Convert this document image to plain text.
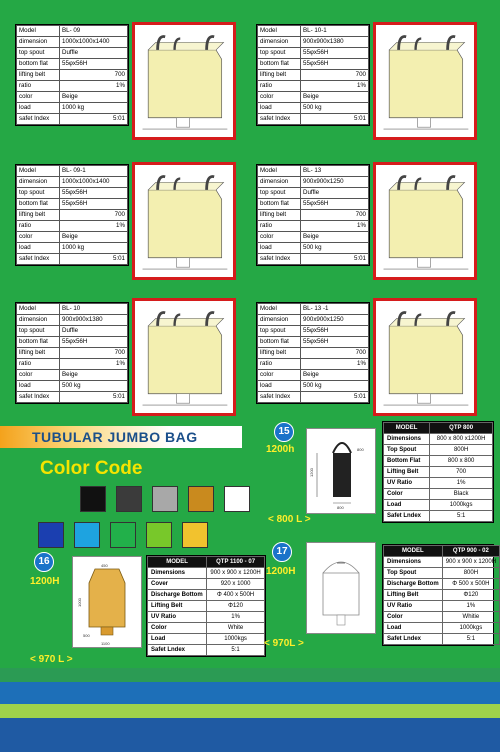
Model	BL- 09
dimension	1000x1000x1400
top spout	Duffle
bottom flat	55φx56H
lifting belt	700
ratio	1%
color	Beige
load	1000 kg
safet Index	5:01
Model	BL- 10-1
dimension	900x900x1380
top spout	55φx56H
bottom flat	55φx56H
lifting belt	700
ratio	1%
color	Beige
load	500 kg
safet Index	5:01
Model	BL- 09-1
dimension	1000x1000x1400
top spout	55φx56H
bottom flat	55φx56H
lifting belt	700
ratio	1%
color	Beige
load	1000 kg
safet Index	5:01
Model	BL- 13
dimension	900x900x1250
top spout	Duffle
bottom flat	55φx56H
lifting belt	700
ratio	1%
color	Beige
load	500 kg
safet Index	5:01
Model	BL- 10
dimension	900x900x1380
top spout	Duffle
bottom flat	55φx56H
lifting belt	700
ratio	1%
color	Beige
load	500 kg
safet Index	5:01
Model	BL- 13 -1
dimension	900x900x1250
top spout	55φx56H
bottom flat	55φx56H
lifting belt	700
ratio	1%
color	Beige
load	500 kg
safet Index	5:01
TUBULAR JUMBO BAG
Color Code
15
1200h
1200
800
800
< 800 L >
MODEL	QTP 800
Dimensions	800 x 800 x1200H
Top Spout	800H
Bottom Flat	800 x 800
Lifting Belt	700
UV Ratio	1%
Color	Black
Load	1000kgs
Safet Lndex	5:1
16
1200H
450
1000
500
1100
< 970 L >
MODEL	QTP 1100 - 07
Dimensions	900 x 900 x 1200H
Cover	920 x 1000
Discharge Bottom	Φ 400 x 500H
Lifting Belt	Φ120
UV Ratio	1%
Color	White
Load	1000kgs
Safet Lndex	5:1
17
1200H
< 970L >
MODEL	QTP 900 - 02
Dimensions	900 x 900 x 1200H
Top Spout	800H
Discharge Bottom	Φ 500 x 500H
Lifting Belt	Φ120
UV Ratio	1%
Color	Whitie
Load	1000kgs
Safet Lndex	5:1
